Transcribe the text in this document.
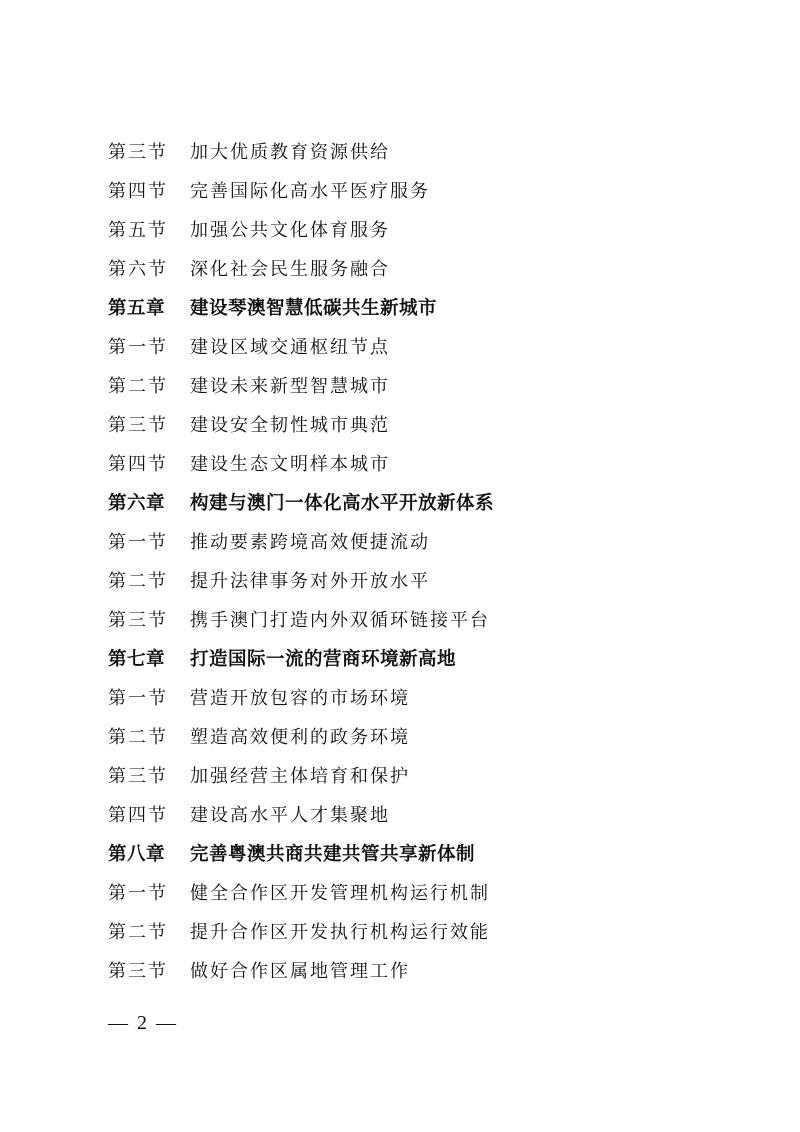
第三节 加大优质教育资源供给
第四节 完善国际化高水平医疗服务
第五节 加强公共文化体育服务
第六节 深化社会民生服务融合
第五章 建设琴澳智慧低碳共生新城市
第一节 建设区域交通枢纽节点
第二节 建设未来新型智慧城市
第三节 建设安全韧性城市典范
第四节 建设生态文明样本城市
第六章 构建与澳门一体化高水平开放新体系
第一节 推动要素跨境高效便捷流动
第二节 提升法律事务对外开放水平
第三节 携手澳门打造内外双循环链接平台
第七章 打造国际一流的营商环境新高地
第一节 营造开放包容的市场环境
第二节 塑造高效便利的政务环境
第三节 加强经营主体培育和保护
第四节 建设高水平人才集聚地
第八章 完善粤澳共商共建共管共享新体制
第一节 健全合作区开发管理机构运行机制
第二节 提升合作区开发执行机构运行效能
第三节 做好合作区属地管理工作
— 2 —
